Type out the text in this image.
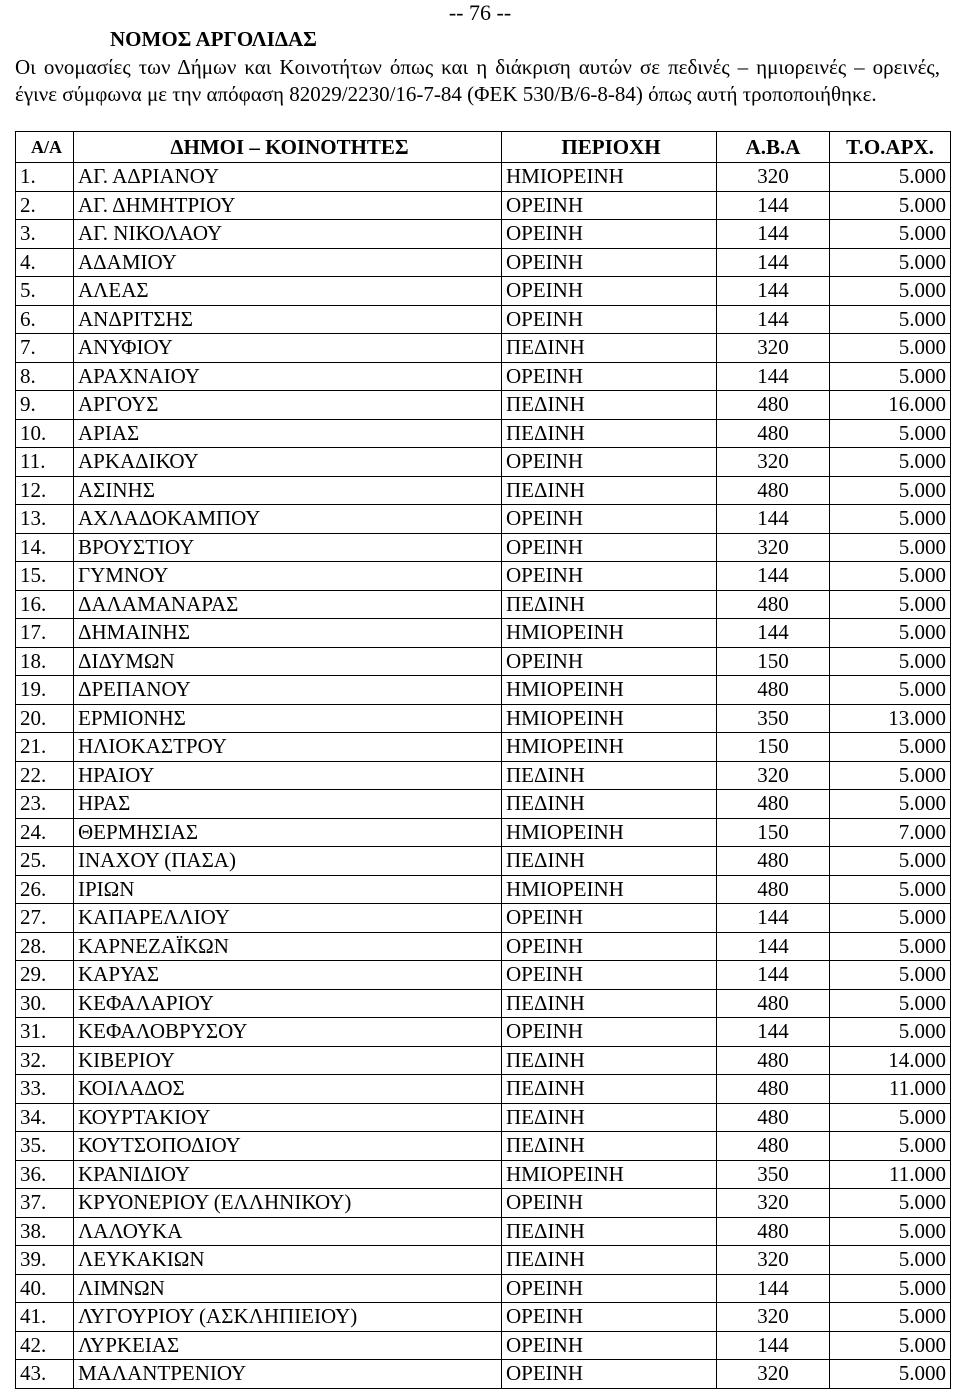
-- 76 --
ΝΟΜΟΣ ΑΡΓΟΛΙΔΑΣ
Οι ονομασίες των Δήμων και Κοινοτήτων όπως και η διάκριση αυτών σε πεδινές – ημιορεινές – ορεινές, έγινε σύμφωνα με την απόφαση 82029/2230/16-7-84 (ΦΕΚ 530/Β/6-8-84) όπως αυτή τροποποιήθηκε.
Α/Α	ΔΗΜΟΙ – ΚΟΙΝΟΤΗΤΕΣ	ΠΕΡΙΟΧΗ	Α.Β.Α	Τ.Ο.ΑΡΧ.
1.	ΑΓ. ΑΔΡΙΑΝΟΥ	ΗΜΙΟΡΕΙΝΗ	320	5.000
2.	ΑΓ. ΔΗΜΗΤΡΙΟΥ	ΟΡΕΙΝΗ	144	5.000
3.	ΑΓ. ΝΙΚΟΛΑΟΥ	ΟΡΕΙΝΗ	144	5.000
4.	ΑΔΑΜΙΟΥ	ΟΡΕΙΝΗ	144	5.000
5.	ΑΛΕΑΣ	ΟΡΕΙΝΗ	144	5.000
6.	ΑΝΔΡΙΤΣΗΣ	ΟΡΕΙΝΗ	144	5.000
7.	ΑΝΥΦΙΟΥ	ΠΕΔΙΝΗ	320	5.000
8.	ΑΡΑΧΝΑΙΟΥ	ΟΡΕΙΝΗ	144	5.000
9.	ΑΡΓΟΥΣ	ΠΕΔΙΝΗ	480	16.000
10.	ΑΡΙΑΣ	ΠΕΔΙΝΗ	480	5.000
11.	ΑΡΚΑΔΙΚΟΥ	ΟΡΕΙΝΗ	320	5.000
12.	ΑΣΙΝΗΣ	ΠΕΔΙΝΗ	480	5.000
13.	ΑΧΛΑΔΟΚΑΜΠΟΥ	ΟΡΕΙΝΗ	144	5.000
14.	ΒΡΟΥΣΤΙΟΥ	ΟΡΕΙΝΗ	320	5.000
15.	ΓΥΜΝΟΥ	ΟΡΕΙΝΗ	144	5.000
16.	ΔΑΛΑΜΑΝΑΡΑΣ	ΠΕΔΙΝΗ	480	5.000
17.	ΔΗΜΑΙΝΗΣ	ΗΜΙΟΡΕΙΝΗ	144	5.000
18.	ΔΙΔΥΜΩΝ	ΟΡΕΙΝΗ	150	5.000
19.	ΔΡΕΠΑΝΟΥ	ΗΜΙΟΡΕΙΝΗ	480	5.000
20.	ΕΡΜΙΟΝΗΣ	ΗΜΙΟΡΕΙΝΗ	350	13.000
21.	ΗΛΙΟΚΑΣΤΡΟΥ	ΗΜΙΟΡΕΙΝΗ	150	5.000
22.	ΗΡΑΙΟΥ	ΠΕΔΙΝΗ	320	5.000
23.	ΗΡΑΣ	ΠΕΔΙΝΗ	480	5.000
24.	ΘΕΡΜΗΣΙΑΣ	ΗΜΙΟΡΕΙΝΗ	150	7.000
25.	ΙΝΑΧΟΥ (ΠΑΣΑ)	ΠΕΔΙΝΗ	480	5.000
26.	ΙΡΙΩΝ	ΗΜΙΟΡΕΙΝΗ	480	5.000
27.	ΚΑΠΑΡΕΛΛΙΟΥ	ΟΡΕΙΝΗ	144	5.000
28.	ΚΑΡΝΕΖΑΪΚΩΝ	ΟΡΕΙΝΗ	144	5.000
29.	ΚΑΡΥΑΣ	ΟΡΕΙΝΗ	144	5.000
30.	ΚΕΦΑΛΑΡΙΟΥ	ΠΕΔΙΝΗ	480	5.000
31.	ΚΕΦΑΛΟΒΡΥΣΟΥ	ΟΡΕΙΝΗ	144	5.000
32.	ΚΙΒΕΡΙΟΥ	ΠΕΔΙΝΗ	480	14.000
33.	ΚΟΙΛΑΔΟΣ	ΠΕΔΙΝΗ	480	11.000
34.	ΚΟΥΡΤΑΚΙΟΥ	ΠΕΔΙΝΗ	480	5.000
35.	ΚΟΥΤΣΟΠΟΔΙΟΥ	ΠΕΔΙΝΗ	480	5.000
36.	ΚΡΑΝΙΔΙΟΥ	ΗΜΙΟΡΕΙΝΗ	350	11.000
37.	ΚΡΥΟΝΕΡΙΟΥ (ΕΛΛΗΝΙΚΟΥ)	ΟΡΕΙΝΗ	320	5.000
38.	ΛΑΛΟΥΚΑ	ΠΕΔΙΝΗ	480	5.000
39.	ΛΕΥΚΑΚΙΩΝ	ΠΕΔΙΝΗ	320	5.000
40.	ΛΙΜΝΩΝ	ΟΡΕΙΝΗ	144	5.000
41.	ΛΥΓΟΥΡΙΟΥ (ΑΣΚΛΗΠΙΕΙΟΥ)	ΟΡΕΙΝΗ	320	5.000
42.	ΛΥΡΚΕΙΑΣ	ΟΡΕΙΝΗ	144	5.000
43.	ΜΑΛΑΝΤΡΕΝΙΟΥ	ΟΡΕΙΝΗ	320	5.000
